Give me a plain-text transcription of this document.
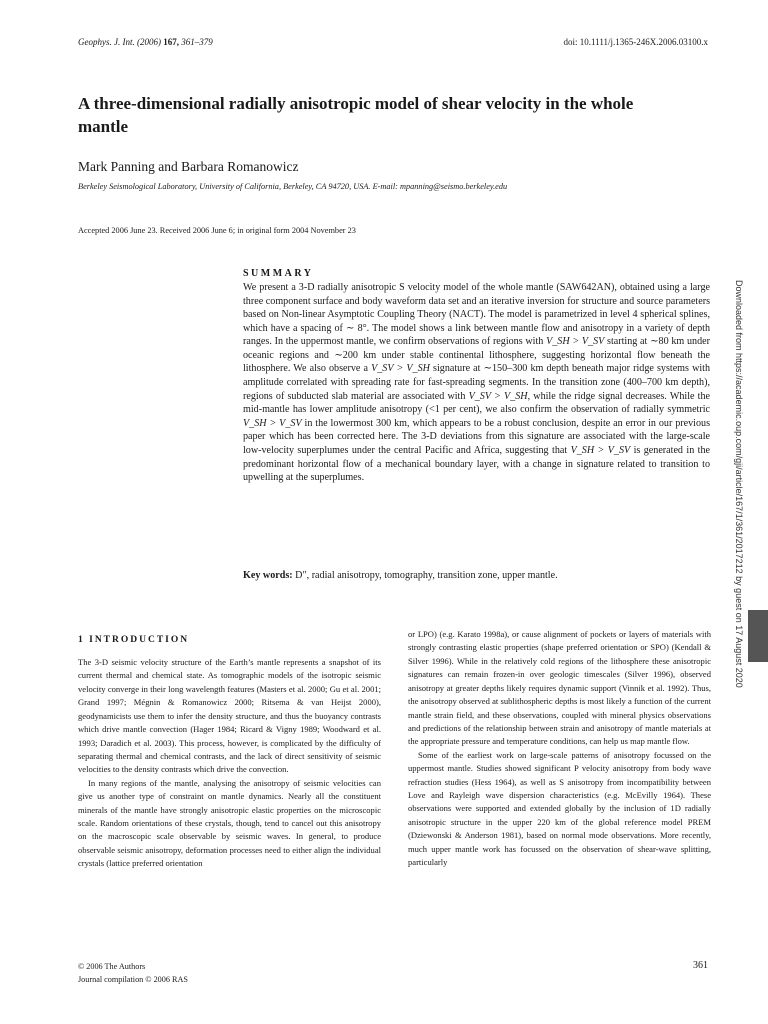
Geophys. J. Int. (2006) 167, 361–379	doi: 10.1111/j.1365-246X.2006.03100.x
A three-dimensional radially anisotropic model of shear velocity in the whole mantle
Mark Panning and Barbara Romanowicz
Berkeley Seismological Laboratory, University of California, Berkeley, CA 94720, USA. E-mail: mpanning@seismo.berkeley.edu
Accepted 2006 June 23. Received 2006 June 6; in original form 2004 November 23
SUMMARY
We present a 3-D radially anisotropic S velocity model of the whole mantle (SAW642AN), obtained using a large three component surface and body waveform data set and an iterative inversion for structure and source parameters based on Non-linear Asymptotic Coupling Theory (NACT). The model is parametrized in level 4 spherical splines, which have a spacing of ∼ 8°. The model shows a link between mantle flow and anisotropy in a variety of depth ranges. In the uppermost mantle, we confirm observations of regions with V_SH > V_SV starting at ∼80 km under oceanic regions and ∼200 km under stable continental lithosphere, suggesting horizontal flow beneath the lithosphere. We also observe a V_SV > V_SH signature at ∼150–300 km depth beneath major ridge systems with amplitude correlated with spreading rate for fast-spreading segments. In the transition zone (400–700 km depth), regions of subducted slab material are associated with V_SV > V_SH, while the ridge signal decreases. While the mid-mantle has lower amplitude anisotropy (<1 per cent), we also confirm the observation of radially symmetric V_SH > V_SV in the lowermost 300 km, which appears to be a robust conclusion, despite an error in our previous paper which has been corrected here. The 3-D deviations from this signature are associated with the large-scale low-velocity superplumes under the central Pacific and Africa, suggesting that V_SH > V_SV is generated in the predominant horizontal flow of a mechanical boundary layer, with a change in signature related to transition to upwelling at the superplumes.
Key words: D″, radial anisotropy, tomography, transition zone, upper mantle.	Downloaded from https://academic.oup.com/gji/article/167/1/361/2017212 by guest on 17 August 2020
1 INTRODUCTION

The 3-D seismic velocity structure of the Earth’s mantle represents a snapshot of its current thermal and chemical state. As tomographic models of the isotropic seismic velocity converge in their long wavelength features (Masters et al. 2000; Gu et al. 2001; Grand 1997; Mégnin & Romanowicz 2000; Ritsema & van Heijst 2000), geodynamicists use them to infer the density structure, and thus the buoyancy contrasts which drive mantle convection (Hager 1984; Ricard & Vigny 1989; Woodward et al. 1993; Daradich et al. 2003). This process, however, is complicated by the difficulty of separating thermal and chemical contrasts, and the lack of direct sensitivity of seismic velocities to the density contrasts which drive the convection.

In many regions of the mantle, analysing the anisotropy of seismic velocities can give us another type of constraint on mantle dynamics. Nearly all the constituent minerals of the mantle have strongly anisotropic elastic properties on the microscopic scale. Random orientations of these crystals, though, tend to cancel out this anisotropy on the macroscopic scale observable by seismic waves. In general, to produce observable seismic anisotropy, deformation processes need to either align the individual crystals (lattice preferred orientation

or LPO) (e.g. Karato 1998a), or cause alignment of pockets or layers of materials with strongly contrasting elastic properties (shape preferred orientation or SPO) (Kendall & Silver 1996). While in the relatively cold regions of the lithosphere these anisotropic signatures can remain frozen-in over geologic timescales (Silver 1996), observed anisotropy at greater depths likely requires dynamic support (Vinnik et al. 1992). Thus, the anisotropy observed at sublithospheric depths is most likely a function of the current mantle strain field, and these observations, coupled with mineral physics observations and predictions of the relationship between strain and anisotropy of mantle materials at the appropriate pressure and temperature conditions, can help us map mantle flow.

Some of the earliest work on large-scale patterns of anisotropy focussed on the uppermost mantle. Studies showed significant P velocity anisotropy from body wave refraction studies (Hess 1964), as well as S anisotropy from incompatibility between Love and Rayleigh wave dispersion characteristics (e.g. McEvilly 1964). These observations were supported and extended globally by the inclusion of 1D radially anisotropic structure in the upper 220 km of the global reference model PREM (Dziewonski & Anderson 1981), based on normal mode observations. More recently, much upper mantle work has focussed on the observation of shear-wave splitting, particularly

© 2006 The Authors
Journal compilation © 2006 RAS
361
